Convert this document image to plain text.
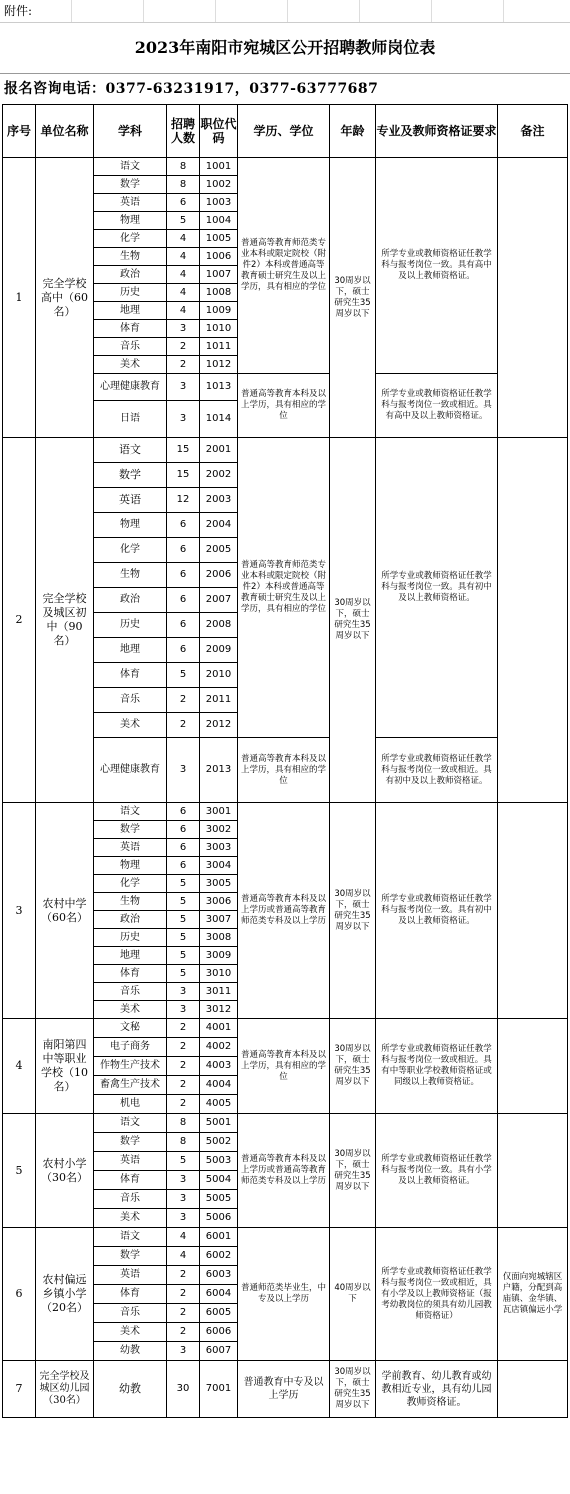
附件:
2023年南阳市宛城区公开招聘教师岗位表
报名咨询电话：0377-63231917，0377-63777687
序号	单位名称	学科	招聘人数	职位代码	学历、学位	年龄	专业及教师资格证要求	备注
1	完全学校高中（60名）	语文	8	1001	普通高等教育师范类专业本科或限定院校（附件2）本科或普通高等教育硕士研究生及以上学历，具有相应的学位	30周岁以下，硕士研究生35周岁以下	所学专业或教师资格证任教学科与报考岗位一致。具有高中及以上教师资格证。	
		数学	8	1002				
		英语	6	1003				
		物理	5	1004				
		化学	4	1005				
		生物	4	1006				
		政治	4	1007				
		历史	4	1008				
		地理	4	1009				
		体育	3	1010				
		音乐	2	1011				
		美术	2	1012				
		心理健康教育	3	1013	普通高等教育本科及以上学历，具有相应的学位		所学专业或教师资格证任教学科与报考岗位一致或相近。具有高中及以上教师资格证。	
		日语	3	1014				

2	完全学校及城区初中（90名）	语文	15	2001	普通高等教育师范类专业本科或限定院校（附件2）本科或普通高等教育硕士研究生及以上学历，具有相应的学位	30周岁以下，硕士研究生35周岁以下	所学专业或教师资格证任教学科与报考岗位一致。具有初中及以上教师资格证。	
		数学	15	2002				
		英语	12	2003				
		物理	6	2004				
		化学	6	2005				
		生物	6	2006				
		政治	6	2007				
		历史	6	2008				
		地理	6	2009				
		体育	5	2010				
		音乐	2	2011				
		美术	2	2012				
		心理健康教育	3	2013	普通高等教育本科及以上学历，具有相应的学位		所学专业或教师资格证任教学科与报考岗位一致或相近。具有初中及以上教师资格证。	
3	农村中学（60名）	语文	6	3001	普通高等教育本科及以上学历或普通高等教育师范类专科及以上学历	30周岁以下，硕士研究生35周岁以下	所学专业或教师资格证任教学科与报考岗位一致。具有初中及以上教师资格证。	
		数学	6	3002				
		英语	6	3003				
		物理	6	3004				
		化学	5	3005				
		生物	5	3006				
		政治	5	3007				
		历史	5	3008				
		地理	5	3009				
		体育	5	3010				
		音乐	3	3011				
		美术	3	3012				
4	南阳第四中等职业学校（10名）	文秘	2	4001	普通高等教育本科及以上学历，具有相应的学位	30周岁以下，硕士研究生35周岁以下	所学专业或教师资格证任教学科与报考岗位一致或相近。具有中等职业学校教师资格证或同级以上教师资格证。	
		电子商务	2	4002				
		作物生产技术	2	4003				
		畜禽生产技术	2	4004				
		机电	2	4005				
5	农村小学（30名）	语文	8	5001	普通高等教育本科及以上学历或普通高等教育师范类专科及以上学历	30周岁以下，硕士研究生35周岁以下	所学专业或教师资格证任教学科与报考岗位一致。具有小学及以上教师资格证。	
		数学	8	5002				
		英语	5	5003				
		体育	3	5004				
		音乐	3	5005				
		美术	3	5006				
6	农村偏远乡镇小学（20名）	语文	4	6001	普通师范类毕业生，中专及以上学历	40周岁以下	所学专业或教师资格证任教学科与报考岗位一致或相近，具有小学及以上教师资格证（报考幼教岗位的须具有幼儿园教师资格证）	仅面向宛城辖区户籍，分配到高庙镇、金华镇、瓦店镇偏远小学
		数学	4	6002				
		英语	2	6003				
		体育	2	6004				
		音乐	2	6005				
		美术	2	6006				
		幼教	3	6007				
7	完全学校及城区幼儿园（30名）	幼教	30	7001	普通教育中专及以上学历	30周岁以下，硕士研究生35周岁以下	学前教育、幼儿教育或幼教相近专业，具有幼儿园教师资格证。	
